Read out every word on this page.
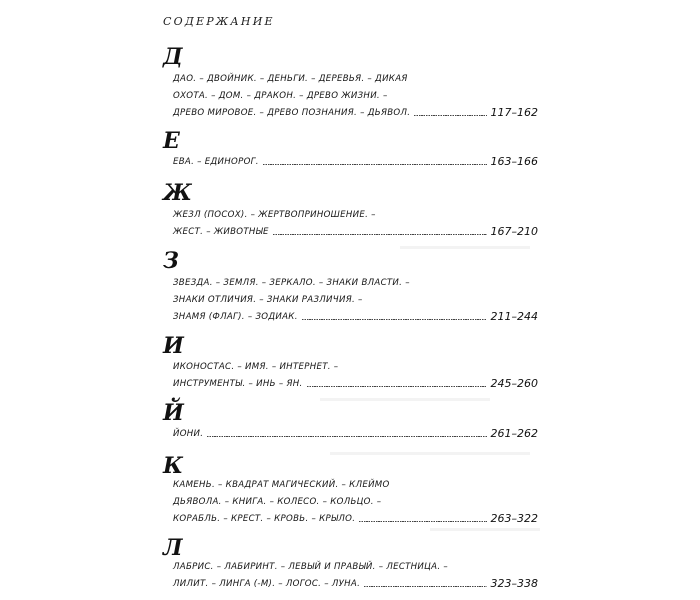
СОДЕРЖАНИЕ
Д
ДАО. – ДВОЙНИК. – ДЕНЬГИ. – ДЕРЕВЬЯ. – ДИКАЯ
ОХОТА. – ДОМ. – ДРАКОН. – ДРЕВО ЖИЗНИ. –
ДРЕВО МИРОВОЕ. – ДРЕВО ПОЗНАНИЯ. – ДЬЯВОЛ.	117–162
Е
ЕВА. – ЕДИНОРОГ.	163–166
Ж
ЖЕЗЛ (ПОСОХ). – ЖЕРТВОПРИНОШЕНИЕ. –
ЖЕСТ. – ЖИВОТНЫЕ	167–210
З
ЗВЕЗДА. – ЗЕМЛЯ. – ЗЕРКАЛО. – ЗНАКИ ВЛАСТИ. –
ЗНАКИ ОТЛИЧИЯ. – ЗНАКИ РАЗЛИЧИЯ. –
ЗНАМЯ (ФЛАГ). – ЗОДИАК.	211–244
И
ИКОНОСТАС. – ИМЯ. – ИНТЕРНЕТ. –
ИНСТРУМЕНТЫ. – ИНЬ – ЯН.	245–260
Й
ЙОНИ.	261–262
К
КАМЕНЬ. – КВАДРАТ МАГИЧЕСКИЙ. – КЛЕЙМО
ДЬЯВОЛА. – КНИГА. – КОЛЕСО. – КОЛЬЦО. –
КОРАБЛЬ. – КРЕСТ. – КРОВЬ. – КРЫЛО.	263–322
Л
ЛАБРИС. – ЛАБИРИНТ. – ЛЕВЫЙ И ПРАВЫЙ. – ЛЕСТНИЦА. –
ЛИЛИТ. – ЛИНГА (-М). – ЛОГОС. – ЛУНА.	323–338
